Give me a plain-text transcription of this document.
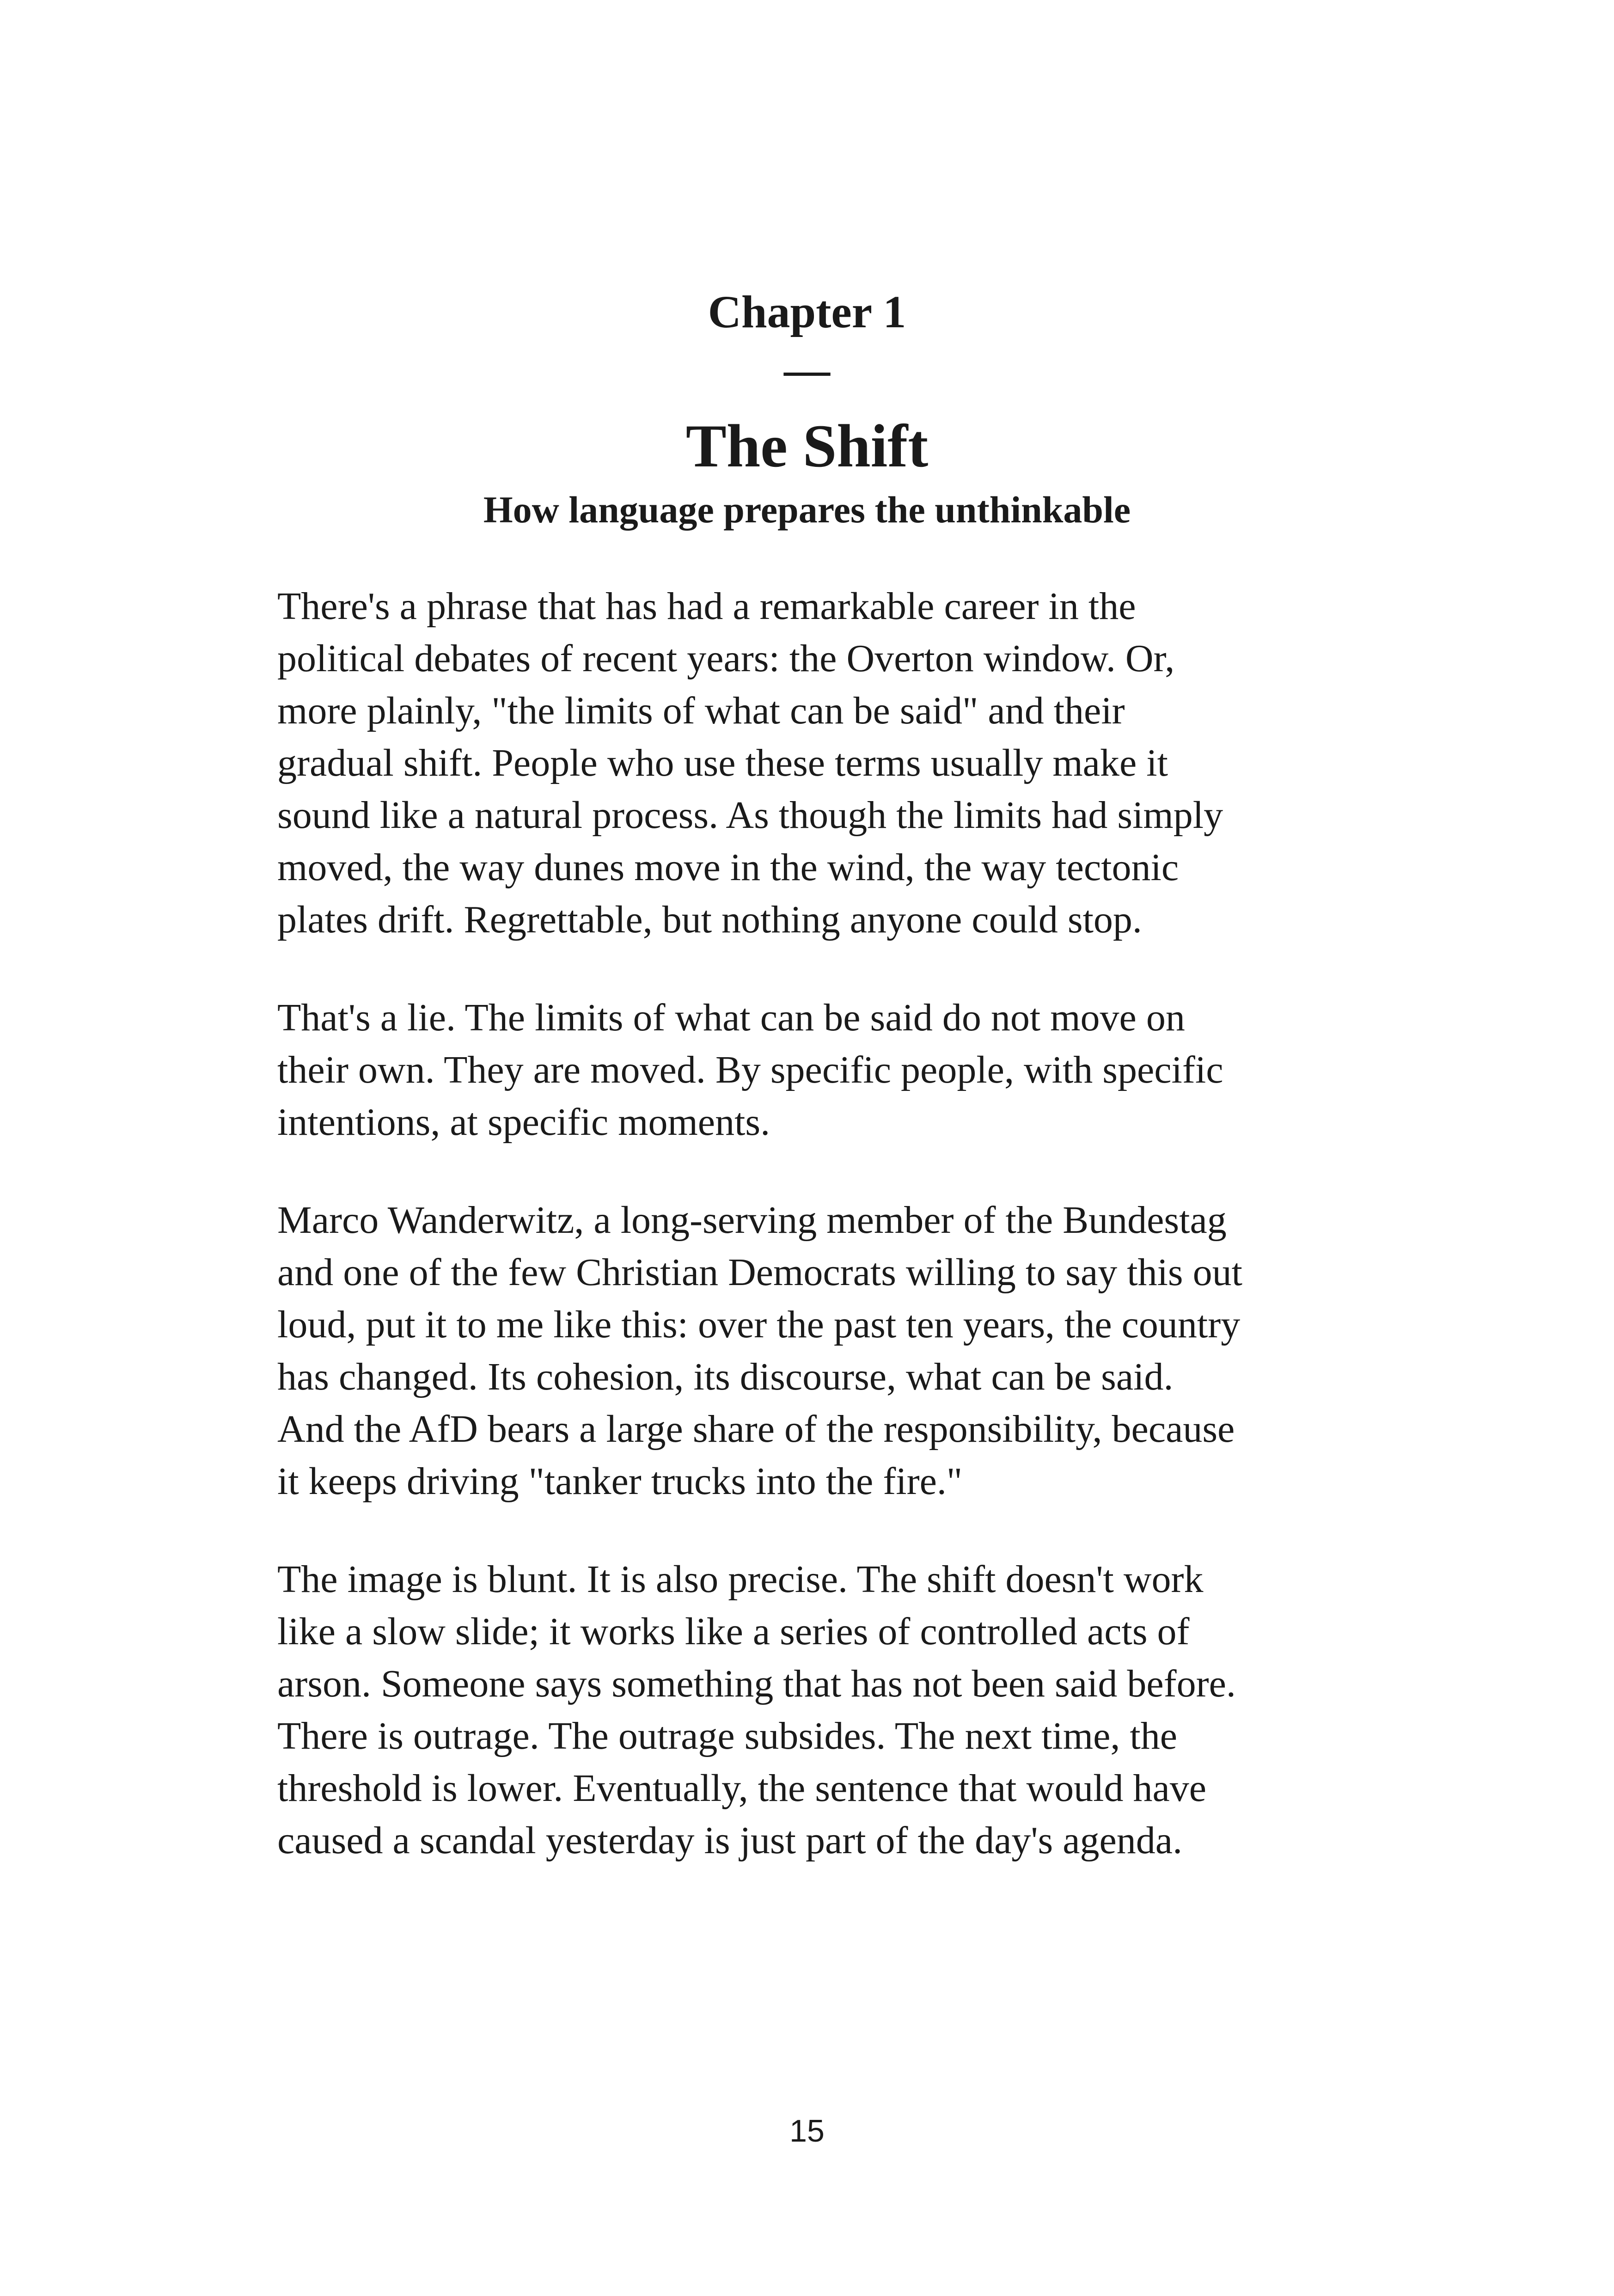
Chapter 1
—
The Shift
How language prepares the unthinkable

There's a phrase that has had a remarkable career in the
political debates of recent years: the Overton window. Or,
more plainly, "the limits of what can be said" and their
gradual shift. People who use these terms usually make it
sound like a natural process. As though the limits had simply
moved, the way dunes move in the wind, the way tectonic
plates drift. Regrettable, but nothing anyone could stop.

That's a lie. The limits of what can be said do not move on
their own. They are moved. By specific people, with specific
intentions, at specific moments.

Marco Wanderwitz, a long-serving member of the Bundestag
and one of the few Christian Democrats willing to say this out
loud, put it to me like this: over the past ten years, the country
has changed. Its cohesion, its discourse, what can be said.
And the AfD bears a large share of the responsibility, because
it keeps driving "tanker trucks into the fire."

The image is blunt. It is also precise. The shift doesn't work
like a slow slide; it works like a series of controlled acts of
arson. Someone says something that has not been said before.
There is outrage. The outrage subsides. The next time, the
threshold is lower. Eventually, the sentence that would have
caused a scandal yesterday is just part of the day's agenda.

15
